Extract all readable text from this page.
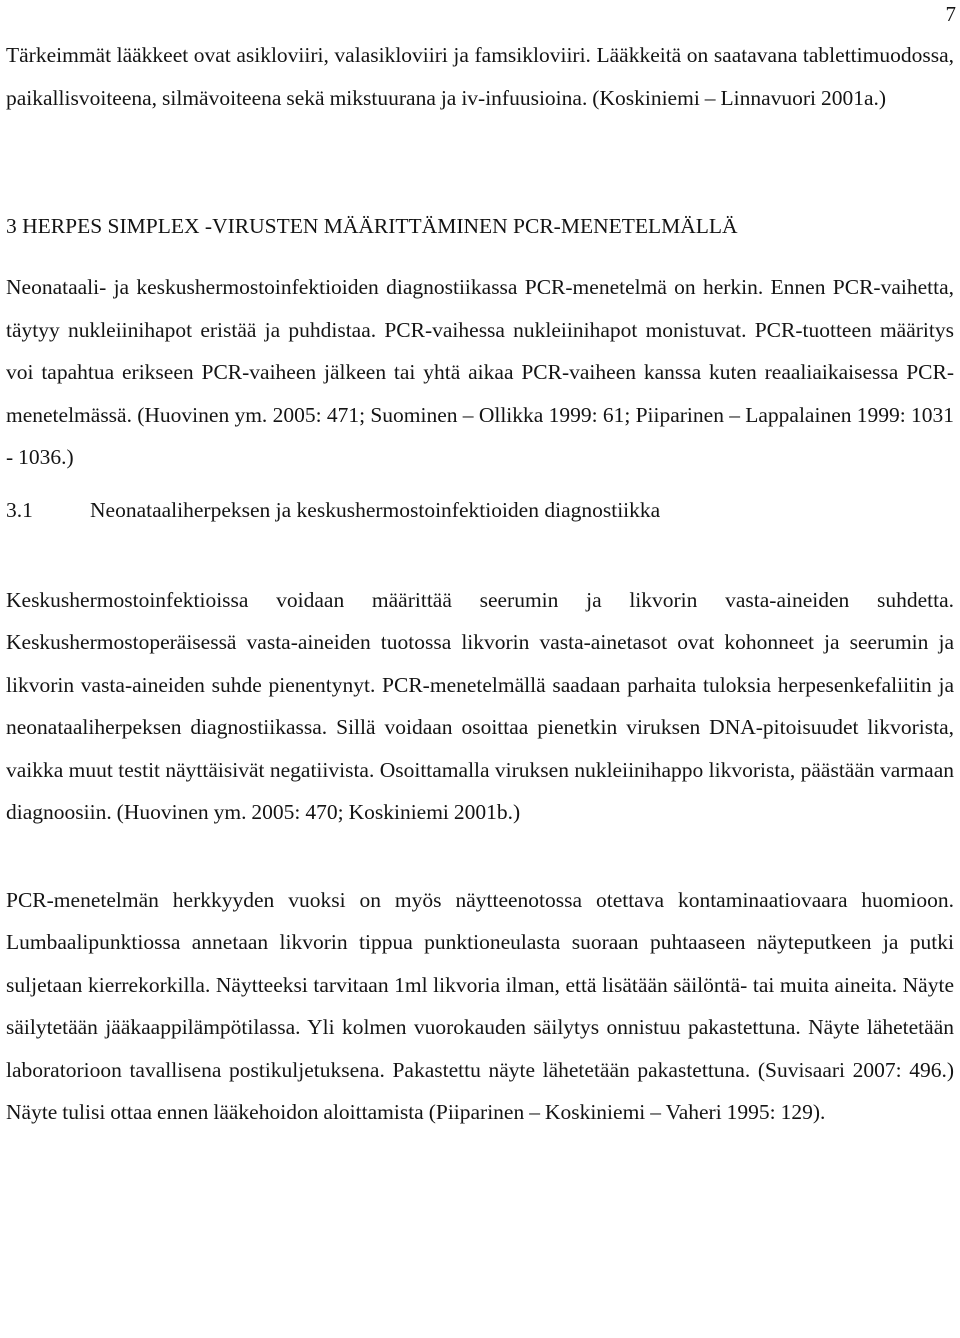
7

Tärkeimmät lääkkeet ovat asikloviiri, valasikloviiri ja famsikloviiri. Lääkkeitä on saatavana tablettimuodossa, paikallisvoiteena, silmävoiteena sekä mikstuurana ja iv-infuusioina. (Koskiniemi – Linnavuori 2001a.)

3 HERPES SIMPLEX -VIRUSTEN MÄÄRITTÄMINEN PCR-MENETELMÄLLÄ

Neonataali- ja keskushermostoinfektioiden diagnostiikassa PCR-menetelmä on herkin. Ennen PCR-vaihetta, täytyy nukleiinihapot eristää ja puhdistaa. PCR-vaihessa nukleiinihapot monistuvat. PCR-tuotteen määritys voi tapahtua erikseen PCR-vaiheen jälkeen tai yhtä aikaa PCR-vaiheen kanssa kuten reaaliaikaisessa PCR-menetelmässä. (Huovinen ym. 2005: 471; Suominen – Ollikka 1999: 61; Piiparinen – Lappalainen 1999: 1031 - 1036.)

3.1	Neonataaliherpeksen ja keskushermostoinfektioiden diagnostiikka

Keskushermostoinfektioissa voidaan määrittää seerumin ja likvorin vasta-aineiden suhdetta. Keskushermostoperäisessä vasta-aineiden tuotossa likvorin vasta-ainetasot ovat kohonneet ja seerumin ja likvorin vasta-aineiden suhde pienentynyt. PCR-menetelmällä saadaan parhaita tuloksia herpesenkefaliitin ja neonataaliherpeksen diagnostiikassa. Sillä voidaan osoittaa pienetkin viruksen DNA-pitoisuudet likvorista, vaikka muut testit näyttäisivät negatiivista. Osoittamalla viruksen nukleiinihappo likvorista, päästään varmaan diagnoosiin. (Huovinen ym. 2005: 470; Koskiniemi 2001b.)

PCR-menetelmän herkkyyden vuoksi on myös näytteenotossa otettava kontaminaatiovaara huomioon. Lumbaalipunktiossa annetaan likvorin tippua punktioneulasta suoraan puhtaaseen näyteputkeen ja putki suljetaan kierrekorkilla. Näytteeksi tarvitaan 1ml likvoria ilman, että lisätään säilöntä- tai muita aineita. Näyte säilytetään jääkaappilämpötilassa. Yli kolmen vuorokauden säilytys onnistuu pakastettuna. Näyte lähetetään laboratorioon tavallisena postikuljetuksena. Pakastettu näyte lähetetään pakastettuna. (Suvisaari 2007: 496.) Näyte tulisi ottaa ennen lääkehoidon aloittamista (Piiparinen – Koskiniemi – Vaheri 1995: 129).
